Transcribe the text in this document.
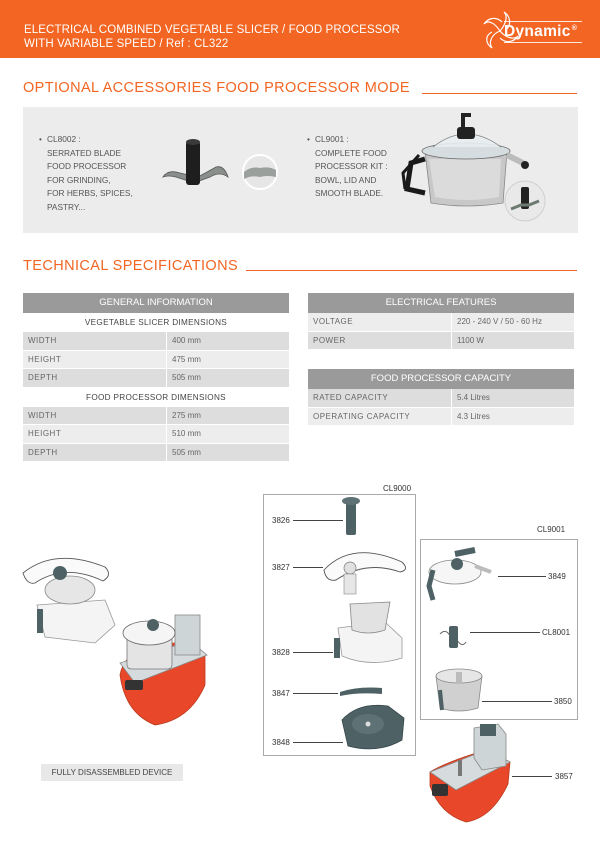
ELECTRICAL COMBINED VEGETABLE SLICER / FOOD PROCESSOR
WITH VARIABLE SPEED / Ref : CL322
Dynamic®
OPTIONAL ACCESSORIES FOOD PROCESSOR MODE
• CL8002 :
SERRATED BLADE
FOOD PROCESSOR
FOR GRINDING,
FOR HERBS, SPICES,
PASTRY...
• CL9001 :
COMPLETE FOOD
PROCESSOR KIT :
BOWL, LID AND
SMOOTH BLADE.
TECHNICAL SPECIFICATIONS
GENERAL INFORMATION
VEGETABLE SLICER DIMENSIONS
WIDTH	400 mm
HEIGHT	475 mm
DEPTH	505 mm
FOOD PROCESSOR DIMENSIONS
WIDTH	275 mm
HEIGHT	510 mm
DEPTH	505 mm
ELECTRICAL FEATURES
VOLTAGE	220 - 240 V / 50 - 60 Hz
POWER	1100 W
FOOD PROCESSOR CAPACITY
RATED CAPACITY	5.4 Litres
OPERATING CAPACITY	4.3 Litres
FULLY DISASSEMBLED DEVICE
CL9000
3826
3827
3828
3847
3848
CL9001
3849
CL8001
3850
3857
